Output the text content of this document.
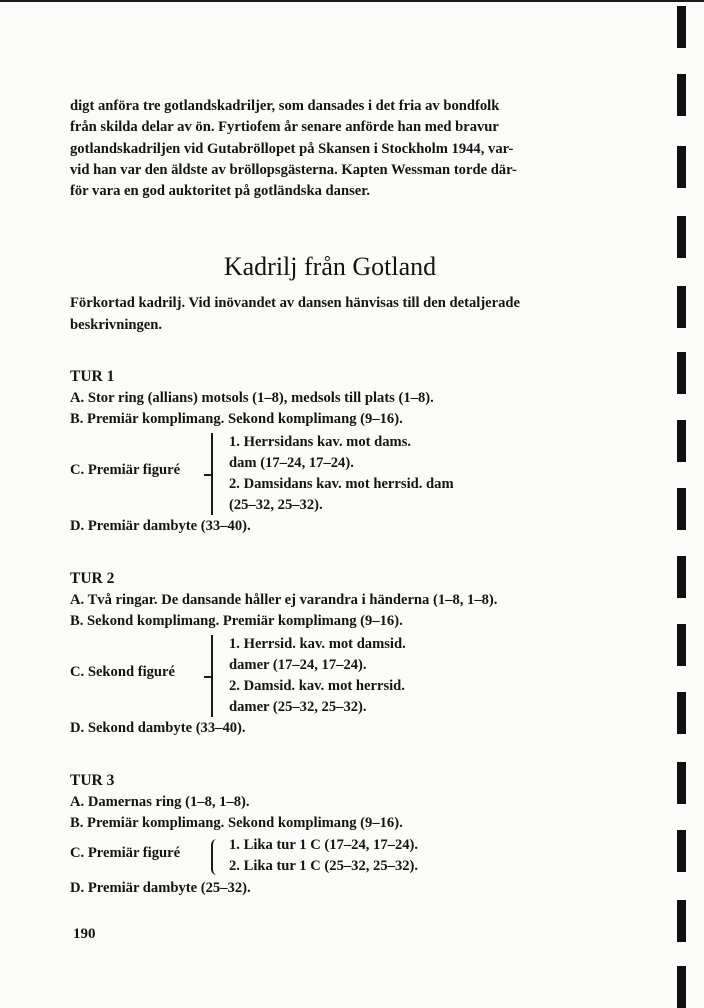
digt anföra tre gotlandskadriljer, som dansades i det fria av bondfolk
från skilda delar av ön. Fyrtiofem år senare anförde han med bravur
gotlandskadriljen vid Gutabröllopet på Skansen i Stockholm 1944, var-
vid han var den äldste av bröllopsgästerna. Kapten Wessman torde där-
för vara en god auktoritet på gotländska danser.
Kadrilj från Gotland
Förkortad kadrilj. Vid inövandet av dansen hänvisas till den detaljerade
beskrivningen.
TUR 1
A. Stor ring (allians) motsols (1–8), medsols till plats (1–8).
B. Premiär komplimang. Sekond komplimang (9–16).
C. Premiär figuré
1. Herrsidans kav. mot dams.
dam (17–24, 17–24).
2. Damsidans kav. mot herrsid. dam
(25–32, 25–32).
D. Premiär dambyte (33–40).
TUR 2
A. Två ringar. De dansande håller ej varandra i händerna (1–8, 1–8).
B. Sekond komplimang. Premiär komplimang (9–16).
C. Sekond figuré
1. Herrsid. kav. mot damsid.
damer (17–24, 17–24).
2. Damsid. kav. mot herrsid.
damer (25–32, 25–32).
D. Sekond dambyte (33–40).
TUR 3
A. Damernas ring (1–8, 1–8).
B. Premiär komplimang. Sekond komplimang (9–16).
C. Premiär figuré	1. Lika tur 1 C (17–24, 17–24).
2. Lika tur 1 C (25–32, 25–32).
D. Premiär dambyte (25–32).
190
